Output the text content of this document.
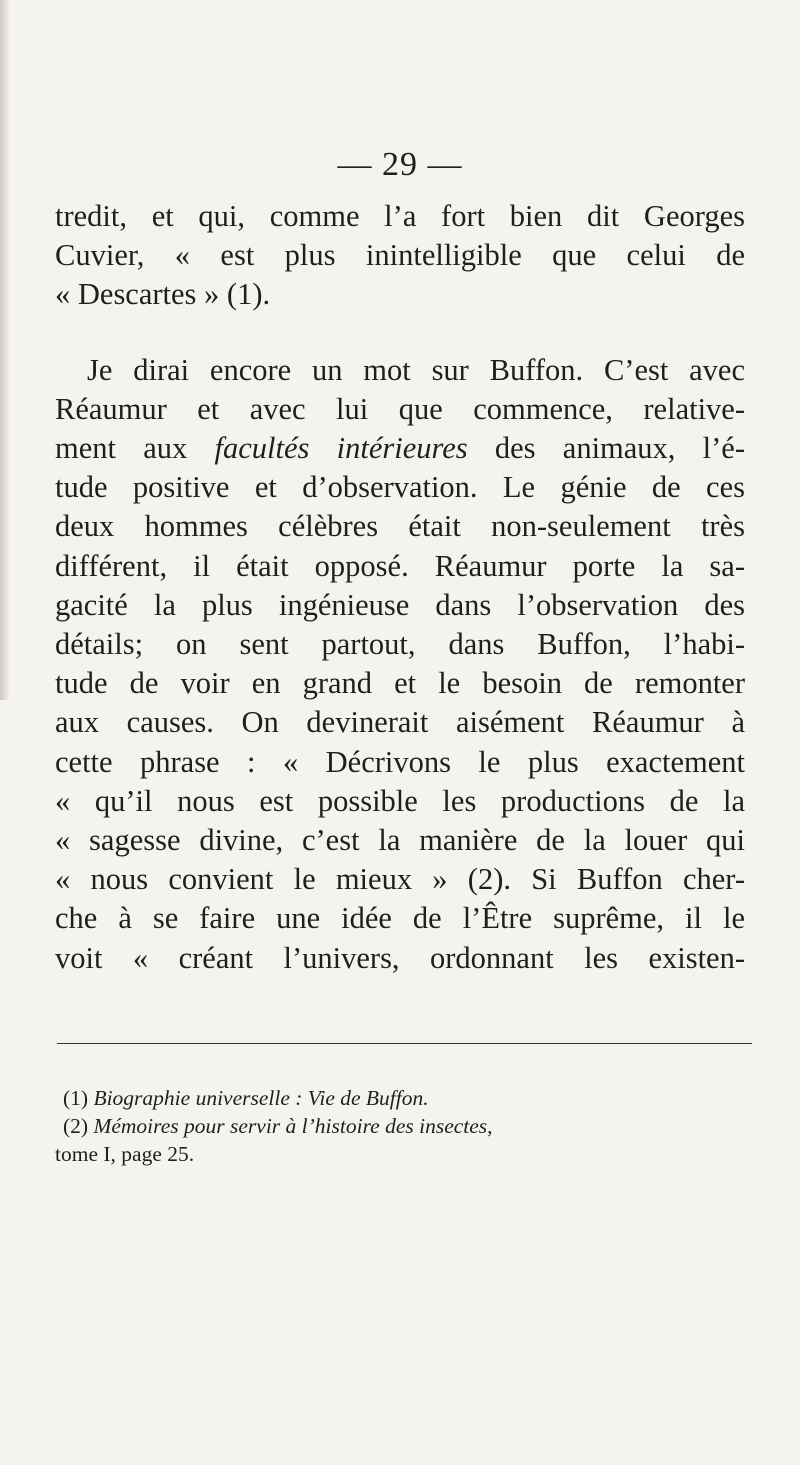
— 29 —
tredit, et qui, comme l’a fort bien dit Georges
Cuvier, « est plus inintelligible que celui de
« Descartes » (1).
Je dirai encore un mot sur Buffon. C’est avec
Réaumur et avec lui que commence, relative-
ment aux facultés intérieures des animaux, l’é-
tude positive et d’observation. Le génie de ces
deux hommes célèbres était non-seulement très
différent, il était opposé. Réaumur porte la sa-
gacité la plus ingénieuse dans l’observation des
détails; on sent partout, dans Buffon, l’habi-
tude de voir en grand et le besoin de remonter
aux causes. On devinerait aisément Réaumur à
cette phrase : « Décrivons le plus exactement
« qu’il nous est possible les productions de la
« sagesse divine, c’est la manière de la louer qui
« nous convient le mieux » (2). Si Buffon cher-
che à se faire une idée de l’Être suprême, il le
voit « créant l’univers, ordonnant les existen-
(1) Biographie universelle : Vie de Buffon.
(2) Mémoires pour servir à l’histoire des insectes,
tome I, page 25.
